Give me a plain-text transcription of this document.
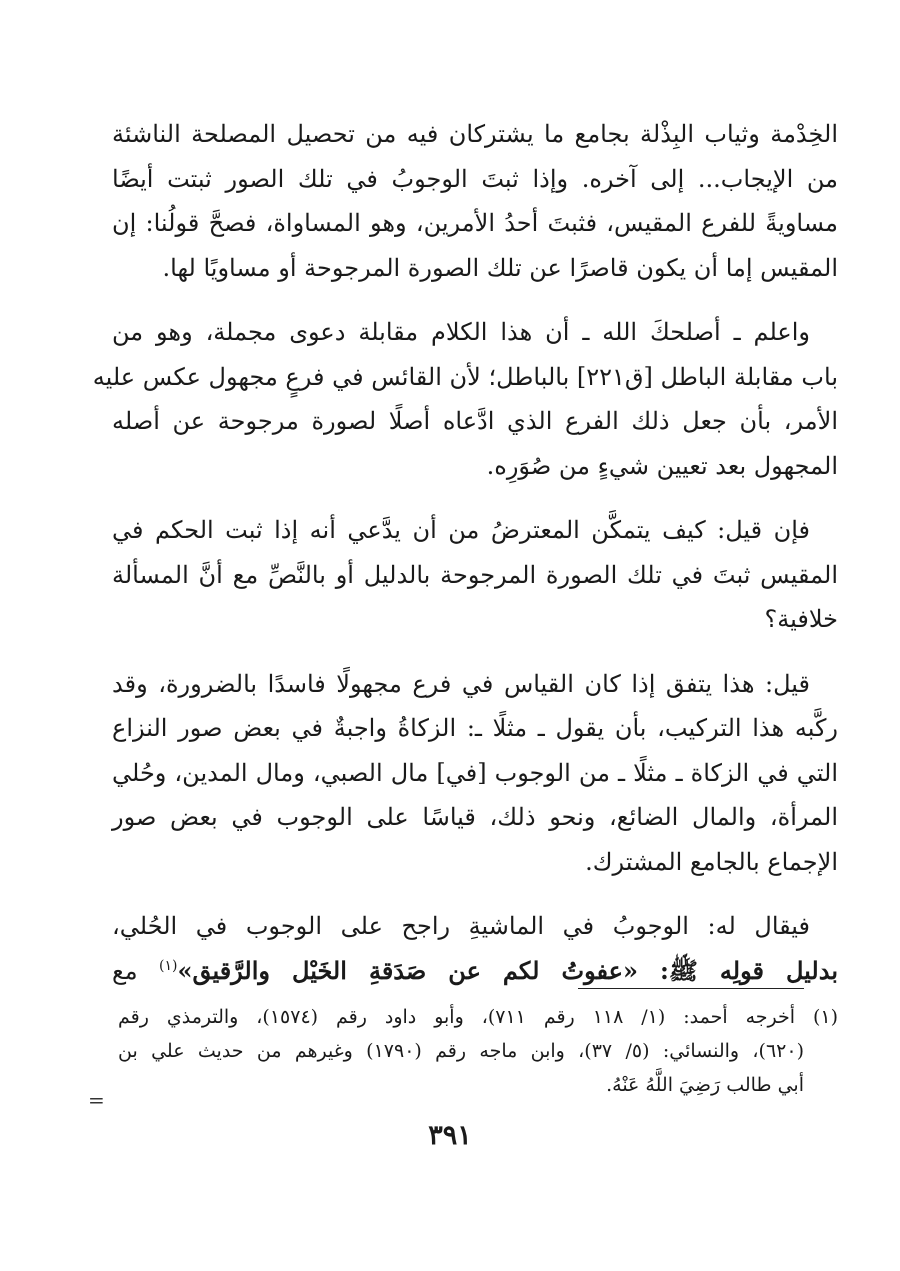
الخِدْمة وثياب البِذْلة بجامع ما يشتركان فيه من تحصيل المصلحة الناشئة
من الإيجاب... إلى آخره. وإذا ثبتَ الوجوبُ في تلك الصور ثبتت أيضًا
مساويةً للفرع المقيس، فثبتَ أحدُ الأمرين، وهو المساواة، فصحَّ قولُنا: إن
المقيس إما أن يكون قاصرًا عن تلك الصورة المرجوحة أو مساويًا لها.

واعلم ـ أصلحكَ الله ـ أن هذا الكلام مقابلة دعوى مجملة، وهو من
باب مقابلة الباطل [ق٢٢١] بالباطل؛ لأن القائس في فرعٍ مجهول عكس عليه
الأمر، بأن جعل ذلك الفرع الذي ادَّعاه أصلًا لصورة مرجوحة عن أصله
المجهول بعد تعيين شيءٍ من صُوَرِه.

فإن قيل: كيف يتمكَّن المعترضُ من أن يدَّعي أنه إذا ثبت الحكم في
المقيس ثبتَ في تلك الصورة المرجوحة بالدليل أو بالنَّصِّ مع أنَّ المسألة
خلافية؟

قيل: هذا يتفق إذا كان القياس في فرع مجهولًا فاسدًا بالضرورة، وقد
ركَّبه هذا التركيب، بأن يقول ـ مثلًا ـ: الزكاةُ واجبةٌ في بعض صور النزاع
التي في الزكاة ـ مثلًا ـ من الوجوب [في] مال الصبي، ومال المدين، وحُلي
المرأة، والمال الضائع، ونحو ذلك، قياسًا على الوجوب في بعض صور
الإجماع بالجامع المشترك.

فيقال له: الوجوبُ في الماشيةِ راجح على الوجوب في الحُلي،
بدليل قولِه ﷺ: «عفوتُ لكم عن صَدَقةِ الخَيْل والرَّقيق»$^{(١)}$ مع

(١) أخرجه أحمد: (١/ ١١٨ رقم ٧١١)، وأبو داود رقم (١٥٧٤)، والترمذي رقم
(٦٢٠)، والنسائي: (٥/ ٣٧)، وابن ماجه رقم (١٧٩٠) وغيرهم من حديث علي بن
أبي طالب رَضِيَ اللَّهُ عَنْهُ.
=
٣٩١
